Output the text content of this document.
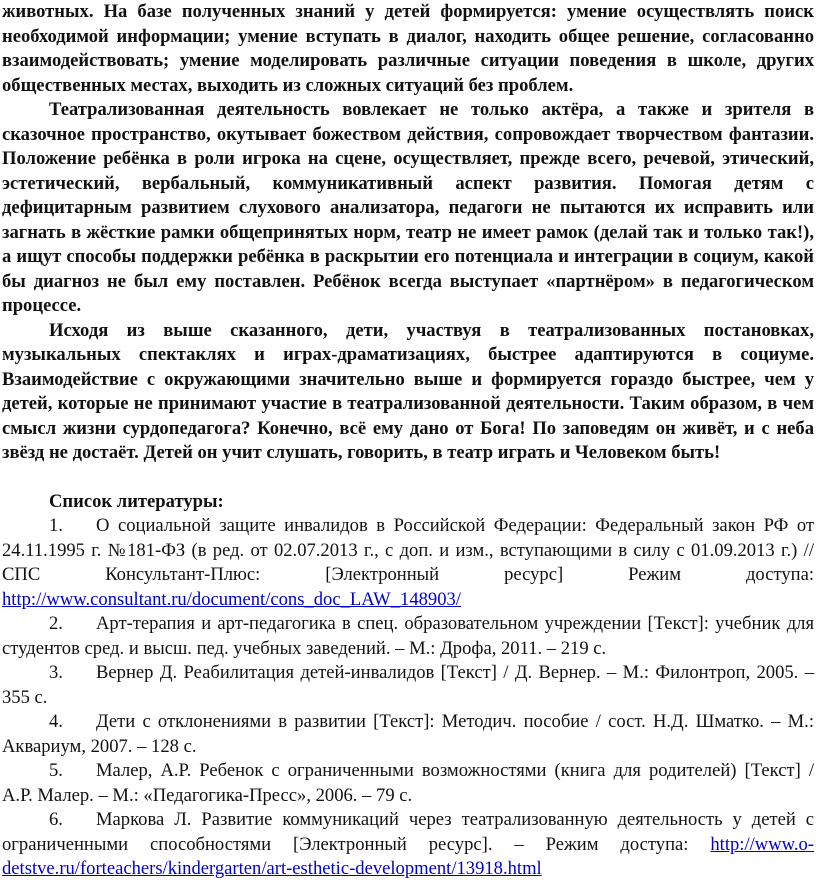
животных. На базе полученных знаний у детей формируется: умение осуществлять поиск необходимой информации; умение вступать в диалог, находить общее решение, согласованно взаимодействовать; умение моделировать различные ситуации поведения в школе, других общественных местах, выходить из сложных ситуаций без проблем.

Театрализованная деятельность вовлекает не только актёра, а также и зрителя в сказочное пространство, окутывает божеством действия, сопровождает творчеством фантазии. Положение ребёнка в роли игрока на сцене, осуществляет, прежде всего, речевой, этический, эстетический, вербальный, коммуникативный аспект развития. Помогая детям с дефицитарным развитием слухового анализатора, педагоги не пытаются их исправить или загнать в жёсткие рамки общепринятых норм, театр не имеет рамок (делай так и только так!), а ищут способы поддержки ребёнка в раскрытии его потенциала и интеграции в социум, какой бы диагноз не был ему поставлен. Ребёнок всегда выступает «партнёром» в педагогическом процессе.

Исходя из выше сказанного, дети, участвуя в театрализованных постановках, музыкальных спектаклях и играх-драматизациях, быстрее адаптируются в социуме. Взаимодействие с окружающими значительно выше и формируется гораздо быстрее, чем у детей, которые не принимают участие в театрализованной деятельности. Таким образом, в чем смысл жизни сурдопедагога? Конечно, всё ему дано от Бога! По заповедям он живёт, и с неба звёзд не достаёт. Детей он учит слушать, говорить, в театр играть и Человеком быть!

Список литературы:

1. О социальной защите инвалидов в Российской Федерации: Федеральный закон РФ от 24.11.1995 г. №181-ФЗ (в ред. от 02.07.2013 г., с доп. и изм., вступающими в силу с 01.09.2013 г.) // СПС Консультант-Плюс: [Электронный ресурс] Режим доступа: http://www.consultant.ru/document/cons_doc_LAW_148903/

2. Арт-терапия и арт-педагогика в спец. образовательном учреждении [Текст]: учебник для студентов сред. и высш. пед. учебных заведений. – М.: Дрофа, 2011. – 219 с.

3. Вернер Д. Реабилитация детей-инвалидов [Текст] / Д. Вернер. – М.: Филонтроп, 2005. – 355 с.

4. Дети с отклонениями в развитии [Текст]: Методич. пособие / сост. Н.Д. Шматко. – М.: Аквариум, 2007. – 128 с.

5. Малер, А.Р. Ребенок с ограниченными возможностями (книга для родителей) [Текст] / А.Р. Малер. – М.: «Педагогика-Пресс», 2006. – 79 с.

6. Маркова Л. Развитие коммуникаций через театрализованную деятельность у детей с ограниченными способностями [Электронный ресурс]. – Режим доступа: http://www.o-detstve.ru/forteachers/kindergarten/art-esthetic-development/13918.html
